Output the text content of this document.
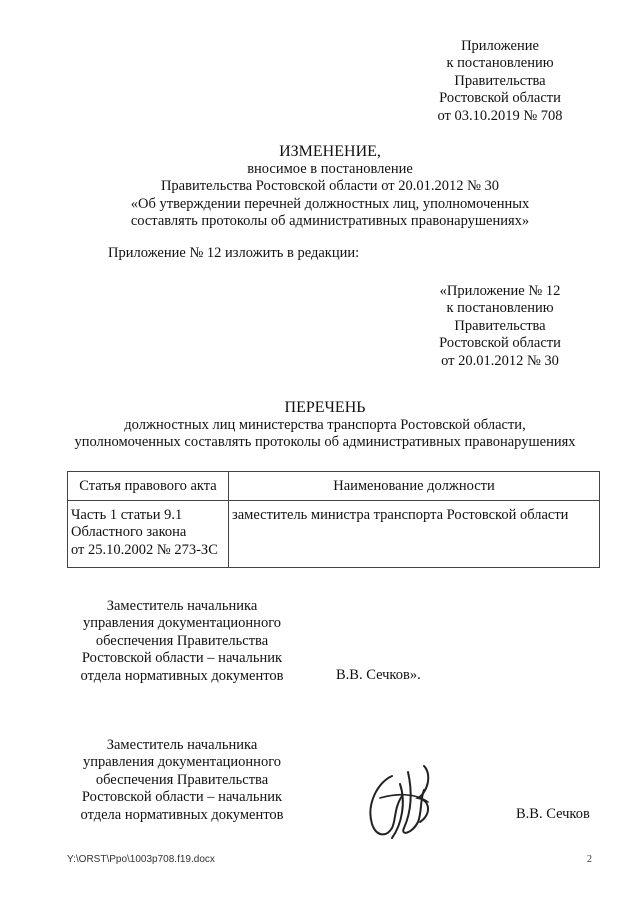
Приложение
к постановлению
Правительства
Ростовской области
от 03.10.2019 № 708
ИЗМЕНЕНИЕ,
вносимое в постановление
Правительства Ростовской области от 20.01.2012 № 30
«Об утверждении перечней должностных лиц, уполномоченных
составлять протоколы об административных правонарушениях»
Приложение № 12 изложить в редакции:
«Приложение № 12
к постановлению
Правительства
Ростовской области
от 20.01.2012 № 30
ПЕРЕЧЕНЬ
должностных лиц министерства транспорта Ростовской области,
уполномоченных составлять протоколы об административных правонарушениях
Статья правового акта	Наименование должности

Часть 1 статьи 9.1
Областного закона
от 25.10.2002 № 273-ЗС	заместитель министра транспорта Ростовской области
Заместитель начальника
управления документационного
обеспечения Правительства
Ростовской области – начальник
отдела нормативных документов	В.В. Сечков».
Заместитель начальника
управления документационного
обеспечения Правительства
Ростовской области – начальник
отдела нормативных документов	В.В. Сечков
Y:\ORST\Ppo\1003p708.f19.docx	2
